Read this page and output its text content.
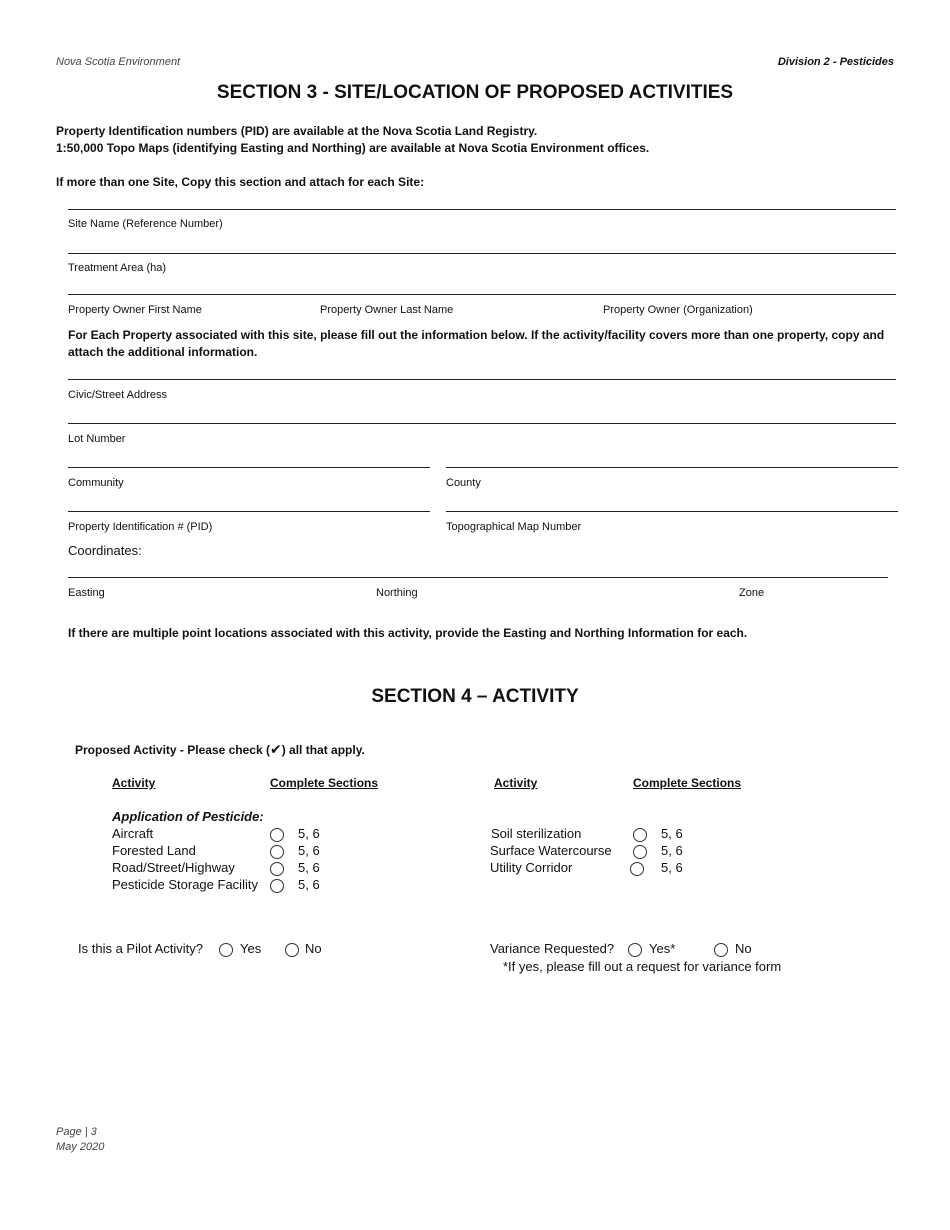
Nova Scotia Environment	Division 2 - Pesticides
SECTION 3 - SITE/LOCATION OF PROPOSED ACTIVITIES
Property Identification numbers (PID) are available at the Nova Scotia Land Registry.
1:50,000 Topo Maps (identifying Easting and Northing) are available at Nova Scotia Environment offices.
If more than one Site, Copy this section and attach for each Site:
Site Name (Reference Number)
Treatment Area (ha)
Property Owner First Name	Property Owner Last Name	Property Owner (Organization)
For Each Property associated with this site, please fill out the information below. If the activity/facility covers more than one property, copy and attach the additional information.
Civic/Street Address
Lot Number
Community	County
Property Identification # (PID)	Topographical Map Number
Coordinates:
Easting	Northing	Zone
If there are multiple point locations associated with this activity, provide the Easting and Northing Information for each.
SECTION 4 – ACTIVITY
Proposed Activity - Please check (✔) all that apply.
Activity	Complete Sections	Activity	Complete Sections
Application of Pesticide:
Aircraft	5, 6
Forested Land	5, 6
Road/Street/Highway	5, 6
Pesticide Storage Facility	5, 6
Soil sterilization	5, 6
Surface Watercourse	5, 6
Utility Corridor	5, 6
Is this a Pilot Activity?	Yes	No	Variance Requested?	Yes*	No
*If yes, please fill out a request for variance form
Page | 3
May 2020
